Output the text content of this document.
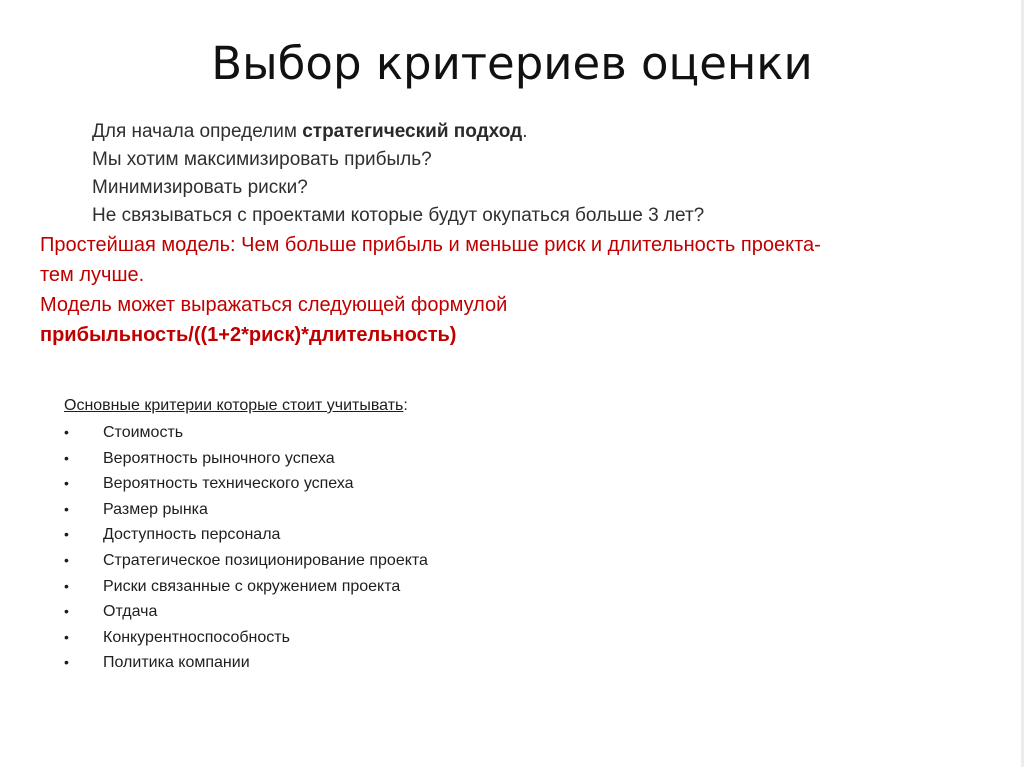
Выбор критериев оценки
Для начала определим стратегический подход.
Мы хотим максимизировать прибыль?
Минимизировать риски?
Не связываться с проектами которые будут окупаться больше 3 лет?
Простейшая модель: Чем больше прибыль и меньше риск и длительность проекта-
тем лучше.
Модель может выражаться следующей формулой
прибыльность/((1+2*риск)*длительность)
Основные критерии которые стоит учитывать:
• Стоимость
• Вероятность рыночного успеха
• Вероятность технического успеха
• Размер рынка
• Доступность персонала
• Стратегическое позиционирование проекта
• Риски связанные с окружением проекта
• Отдача
• Конкурентноспособность
• Политика компании
